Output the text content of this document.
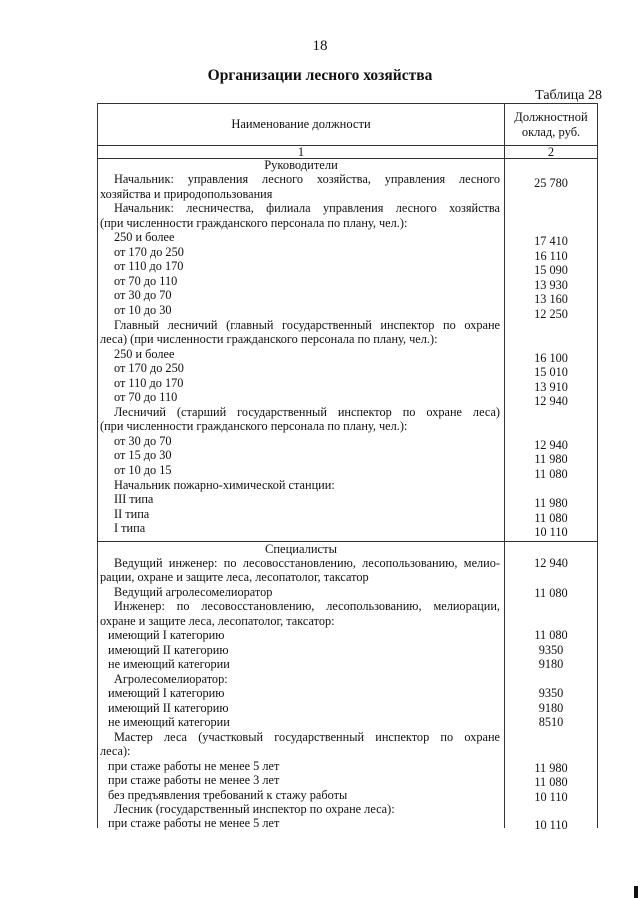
18
Организации лесного хозяйства
Таблица 28
Наименование должности	Должностной
оклад, руб.
1	2
Руководители
Специалисты
Начальник: управления лесного хозяйства, управления лесного
хозяйства и природопользования
Начальник: лесничества, филиала управления лесного хозяйства
(при численности гражданского персонала по плану, чел.):
250 и более
от 170 до 250
от 110 до 170
от 70 до 110
от 30 до 70
от 10 до 30
Главный лесничий (главный государственный инспектор по охране
леса) (при численности гражданского персонала по плану, чел.):
250 и более
от 170 до 250
от 110 до 170
от 70 до 110
Лесничий (старший государственный инспектор по охране леса)
(при численности гражданского персонала по плану, чел.):
от 30 до 70
от 15 до 30
от 10 до 15
Начальник пожарно-химической станции:
III типа
II типа
I типа
Ведущий инженер: по лесовосстановлению, лесопользованию, мелио-
рации, охране и защите леса, лесопатолог, таксатор
Ведущий агролесомелиоратор
Инженер: по лесовосстановлению, лесопользованию, мелиорации,
охране и защите леса, лесопатолог, таксатор:
имеющий I категорию
имеющий II категорию
не имеющий категории
Агролесомелиоратор:
имеющий I категорию
имеющий II категорию
не имеющий категории
Мастер леса (участковый государственный инспектор по охране
леса):
при стаже работы не менее 5 лет
при стаже работы не менее 3 лет
без предъявления требований к стажу работы
Лесник (государственный инспектор по охране леса):
при стаже работы не менее 5 лет
25 780
17 410
16 110
15 090
13 930
13 160
12 250
16 100
15 010
13 910
12 940
12 940
11 980
11 080
11 980
11 080
10 110
12 940
11 080
11 080
9350
9180
9350
9180
8510
11 980
11 080
10 110
10 110
